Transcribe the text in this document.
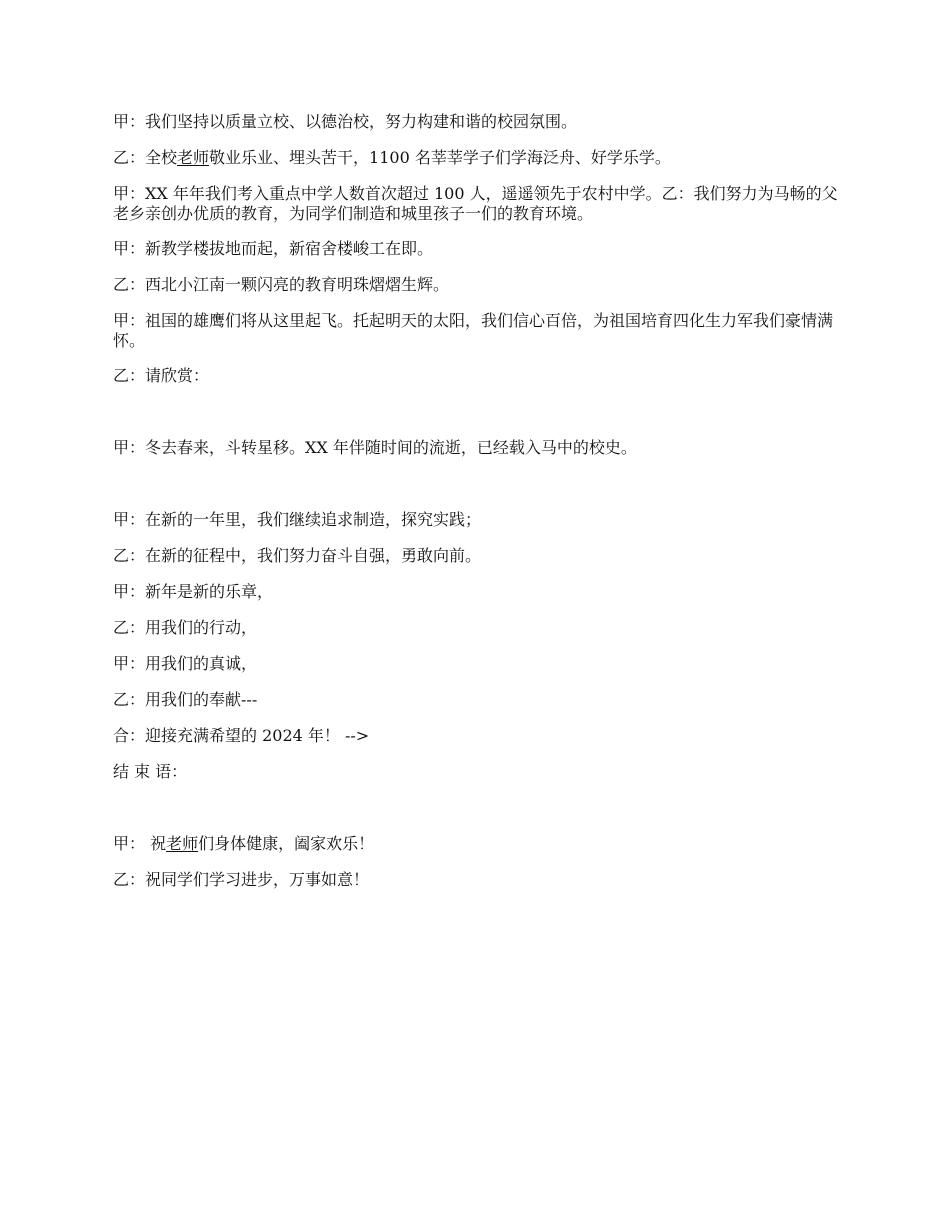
甲：我们坚持以质量立校、以德治校，努力构建和谐的校园氛围。

乙：全校老师敬业乐业、埋头苦干，1100 名莘莘学子们学海泛舟、好学乐学。

甲：XX 年年我们考入重点中学人数首次超过 100 人，遥遥领先于农村中学。乙：我们努力为马畅的父老乡亲创办优质的教育，为同学们制造和城里孩子一们的教育环境。

甲：新教学楼拔地而起，新宿舍楼峻工在即。

乙：西北小江南一颗闪亮的教育明珠熠熠生辉。

甲：祖国的雄鹰们将从这里起飞。托起明天的太阳，我们信心百倍，为祖国培育四化生力军我们豪情满怀。

乙：请欣赏：

甲：冬去春来，斗转星移。XX 年伴随时间的流逝，已经载入马中的校史。

甲：在新的一年里，我们继续追求制造，探究实践；

乙：在新的征程中，我们努力奋斗自强，勇敢向前。

甲：新年是新的乐章，

乙：用我们的行动，

甲：用我们的真诚，

乙：用我们的奉献---

合：迎接充满希望的 2024 年！ -->

结 束 语：

甲： 祝老师们身体健康，阖家欢乐！

乙：祝同学们学习进步，万事如意！
